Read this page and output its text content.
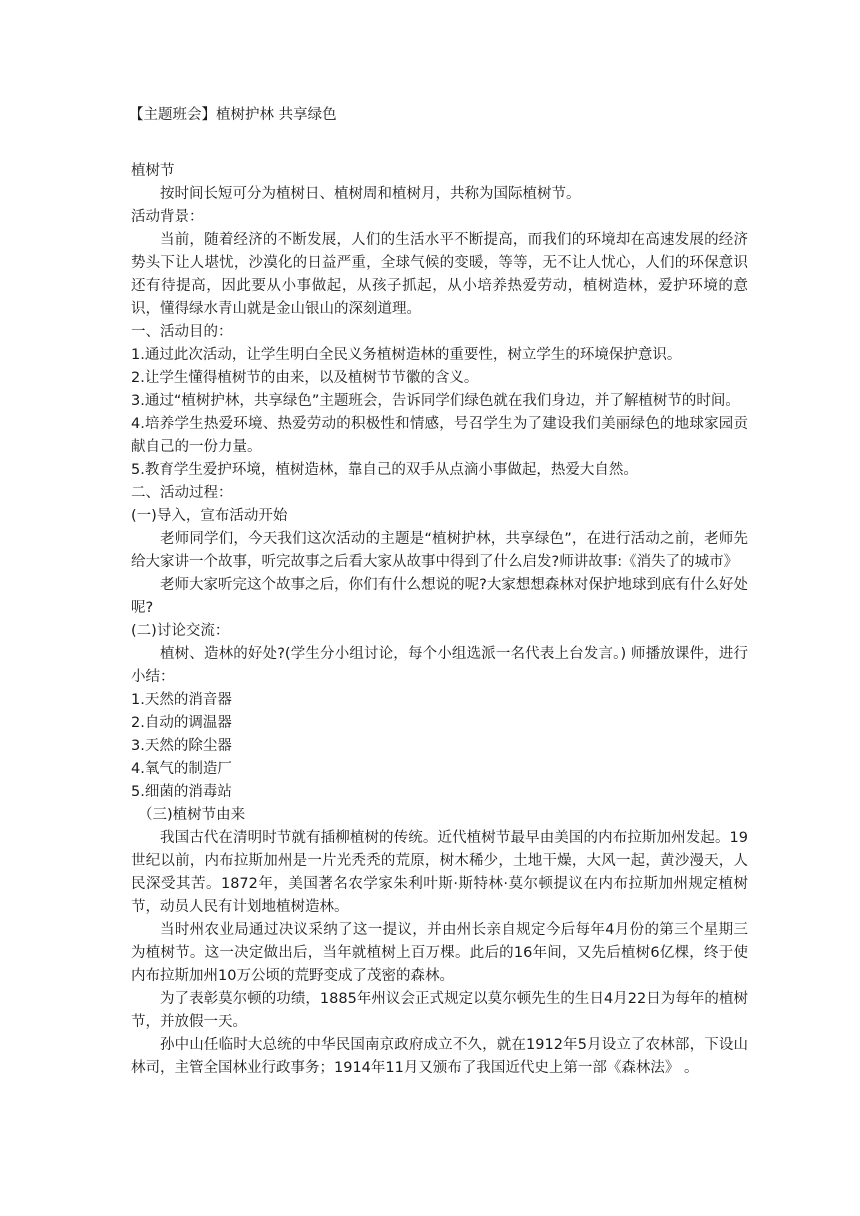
【主题班会】植树护林 共享绿色
植树节

按时间长短可分为植树日、植树周和植树月，共称为国际植树节。

活动背景：

当前，随着经济的不断发展，人们的生活水平不断提高，而我们的环境却在高速发展的经济势头下让人堪忧，沙漠化的日益严重，全球气候的变暖，等等，无不让人忧心，人们的环保意识还有待提高，因此要从小事做起，从孩子抓起，从小培养热爱劳动，植树造林，爱护环境的意识，懂得绿水青山就是金山银山的深刻道理。

一、活动目的：

1.通过此次活动，让学生明白全民义务植树造林的重要性，树立学生的环境保护意识。

2.让学生懂得植树节的由来，以及植树节节徽的含义。

3.通过“植树护林，共享绿色”主题班会，告诉同学们绿色就在我们身边，并了解植树节的时间。

4.培养学生热爱环境、热爱劳动的积极性和情感，号召学生为了建设我们美丽绿色的地球家园贡献自己的一份力量。

5.教育学生爱护环境，植树造林，靠自己的双手从点滴小事做起，热爱大自然。

二、活动过程：
(一)导入，宣布活动开始

老师同学们，今天我们这次活动的主题是“植树护林，共享绿色”，在进行活动之前，老师先给大家讲一个故事，听完故事之后看大家从故事中得到了什么启发?师讲故事:《消失了的城市》

老师大家听完这个故事之后，你们有什么想说的呢?大家想想森林对保护地球到底有什么好处呢?

(二)讨论交流：

植树、造林的好处?(学生分小组讨论，每个小组选派一名代表上台发言。) 师播放课件，进行小结：

1.天然的消音器

2.自动的调温器

3.天然的除尘器

4.氧气的制造厂

5.细菌的消毒站

（三)植树节由来

我国古代在清明时节就有插柳植树的传统。近代植树节最早由美国的内布拉斯加州发起。19世纪以前，内布拉斯加州是一片光秃秃的荒原，树木稀少，土地干燥，大风一起，黄沙漫天，人民深受其苦。1872年，美国著名农学家朱利叶斯·斯特林·莫尔顿提议在内布拉斯加州规定植树节，动员人民有计划地植树造林。

当时州农业局通过决议采纳了这一提议，并由州长亲自规定今后每年4月份的第三个星期三为植树节。这一决定做出后，当年就植树上百万棵。此后的16年间，又先后植树6亿棵，终于使内布拉斯加州10万公顷的荒野变成了茂密的森林。

为了表彰莫尔顿的功绩，1885年州议会正式规定以莫尔顿先生的生日4月22日为每年的植树节，并放假一天。

孙中山任临时大总统的中华民国南京政府成立不久，就在1912年5月设立了农林部，下设山林司，主管全国林业行政事务；1914年11月又颁布了我国近代史上第一部《森林法》 。
